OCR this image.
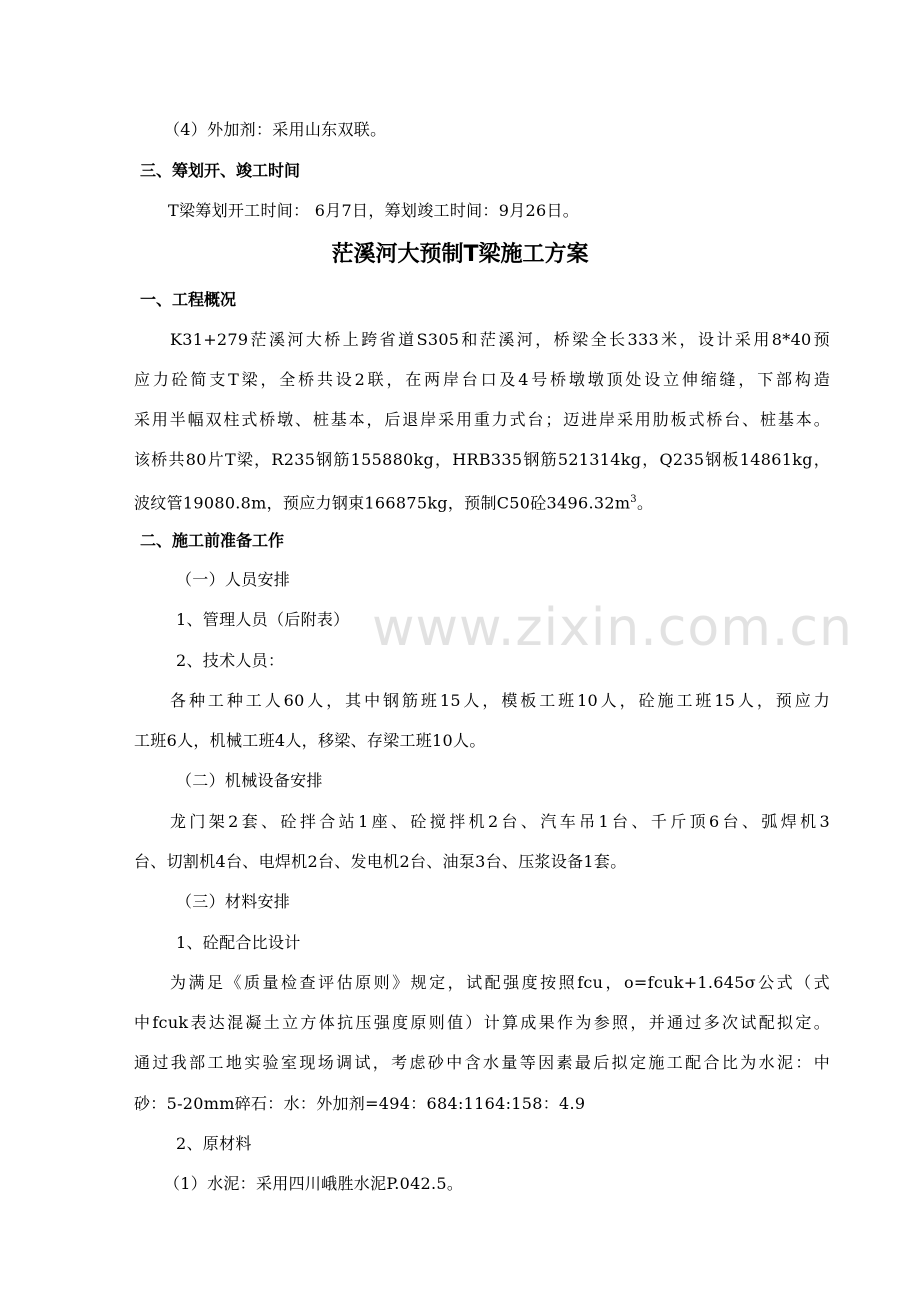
（4）外加剂：采用山东双联。
三、筹划开、竣工时间
T梁筹划开工时间： 6月7日，筹划竣工时间：9月26日。
茫溪河大预制T梁施工方案
一、工程概况
K31+279茫溪河大桥上跨省道S305和茫溪河，桥梁全长333米，设计采用8*40预
应力砼简支T梁，全桥共设2联，在两岸台口及4号桥墩墩顶处设立伸缩缝，下部构造
采用半幅双柱式桥墩、桩基本，后退岸采用重力式台；迈进岸采用肋板式桥台、桩基本。
该桥共80片T梁，R235钢筋155880kg，HRB335钢筋521314kg，Q235钢板14861kg，
波纹管19080.8m，预应力钢束166875kg，预制C50砼$3496.32m^3$。
二、施工前准备工作
（一）人员安排
1、管理人员（后附表）
2、技术人员：
各种工种工人60人，其中钢筋班15人，模板工班10人，砼施工班15人，预应力
工班6人，机械工班4人，移梁、存梁工班10人。
（二）机械设备安排
龙门架2套、砼拌合站1座、砼搅拌机2台、汽车吊1台、千斤顶6台、弧焊机3
台、切割机4台、电焊机2台、发电机2台、油泵3台、压浆设备1套。
（三）材料安排
1、砼配合比设计
为满足《质量检查评估原则》规定，试配强度按照fcu，o=fcuk+1.645σ公式（式
中fcuk表达混凝土立方体抗压强度原则值）计算成果作为参照，并通过多次试配拟定。
通过我部工地实验室现场调试，考虑砂中含水量等因素最后拟定施工配合比为水泥：中
砂：5-20mm碎石：水：外加剂=494：684:1164:158：4.9
2、原材料
（1）水泥：采用四川峨胜水泥P.042.5。
www.zixin.com.cn
